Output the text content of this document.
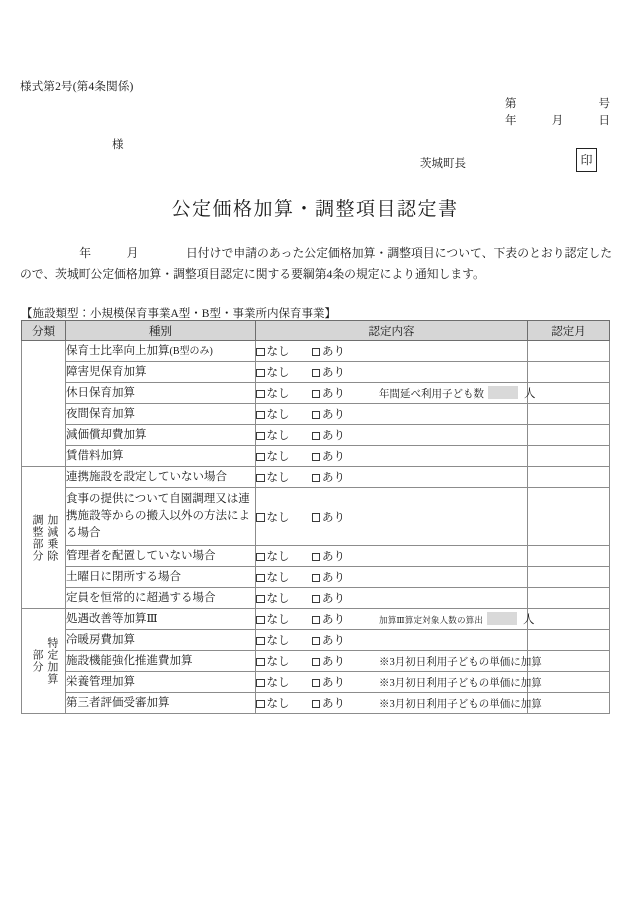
様式第2号(第4条関係)
第	号
年	月	日
様
茨城町長	印
公定価格加算・調整項目認定書
　　　　　年　　　月　　　　日付けで申請のあった公定価格加算・調整項目について、下表のとおり認定したので、茨城町公定価格加算・調整項目認定に関する要綱第4条の規定により通知します。
【施設類型：小規模保育事業A型・B型・事業所内保育事業】
分類	種別	認定内容	認定月
	保育士比率向上加算(B型のみ)	なし あり	
	障害児保育加算	なし あり	
	休日保育加算	なし あり 年間延べ利用子ども数 人	
	夜間保育加算	なし あり	
	減価償却費加算	なし あり	
	賃借料加算	なし あり	

加減乗除
調整部分	連携施設を設定していない場合	なし あり	
	食事の提供について自園調理又は連携施設等からの搬入以外の方法による場合	なし あり	
	管理者を配置していない場合	なし あり	
	土曜日に閉所する場合	なし あり	
	定員を恒常的に超過する場合	なし あり	

特定加算
部分	処遇改善等加算Ⅲ	なし あり 加算Ⅲ算定対象人数の算出 人	
	冷暖房費加算	なし あり	
	施設機能強化推進費加算	なし あり ※3月初日利用子どもの単価に加算	
	栄養管理加算	なし あり ※3月初日利用子どもの単価に加算	
	第三者評価受審加算	なし あり ※3月初日利用子どもの単価に加算	
